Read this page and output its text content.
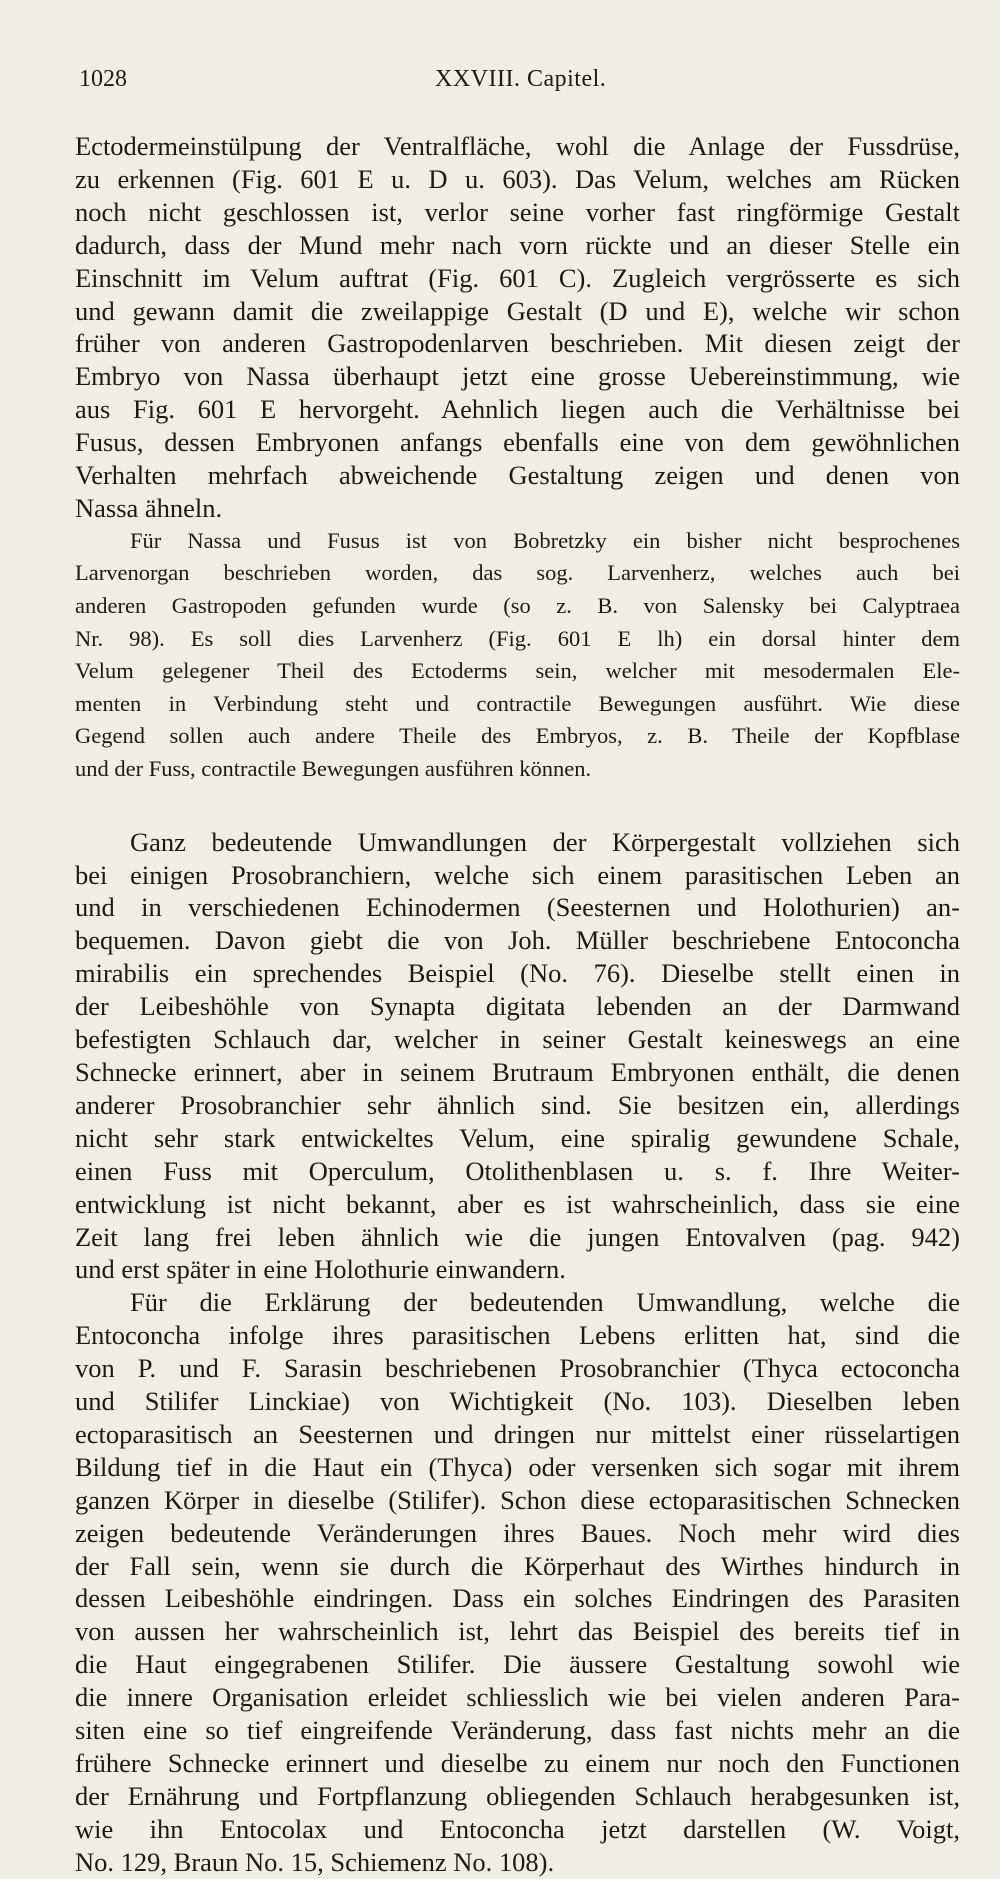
1028	XXVIII. Capitel.

Ectodermeinstülpung der Ventralfläche, wohl die Anlage der Fussdrüse,
zu erkennen (Fig. 601 E u. D u. 603). Das Velum, welches am Rücken
noch nicht geschlossen ist, verlor seine vorher fast ringförmige Gestalt
dadurch, dass der Mund mehr nach vorn rückte und an dieser Stelle ein
Einschnitt im Velum auftrat (Fig. 601 C). Zugleich vergrösserte es sich
und gewann damit die zweilappige Gestalt (D und E), welche wir schon
früher von anderen Gastropodenlarven beschrieben. Mit diesen zeigt der
Embryo von Nassa überhaupt jetzt eine grosse Uebereinstimmung, wie
aus Fig. 601 E hervorgeht. Aehnlich liegen auch die Verhältnisse bei
Fusus, dessen Embryonen anfangs ebenfalls eine von dem gewöhnlichen
Verhalten mehrfach abweichende Gestaltung zeigen und denen von
Nassa ähneln.

Für Nassa und Fusus ist von Bobretzky ein bisher nicht besprochenes
Larvenorgan beschrieben worden, das sog. Larvenherz, welches auch bei
anderen Gastropoden gefunden wurde (so z. B. von Salensky bei Calyptraea
Nr. 98). Es soll dies Larvenherz (Fig. 601 E lh) ein dorsal hinter dem
Velum gelegener Theil des Ectoderms sein, welcher mit mesodermalen Ele-
menten in Verbindung steht und contractile Bewegungen ausführt. Wie diese
Gegend sollen auch andere Theile des Embryos, z. B. Theile der Kopfblase
und der Fuss, contractile Bewegungen ausführen können.

Ganz bedeutende Umwandlungen der Körpergestalt vollziehen sich
bei einigen Prosobranchiern, welche sich einem parasitischen Leben an
und in verschiedenen Echinodermen (Seesternen und Holothurien) an-
bequemen. Davon giebt die von Joh. Müller beschriebene Entoconcha
mirabilis ein sprechendes Beispiel (No. 76). Dieselbe stellt einen in
der Leibeshöhle von Synapta digitata lebenden an der Darmwand
befestigten Schlauch dar, welcher in seiner Gestalt keineswegs an eine
Schnecke erinnert, aber in seinem Brutraum Embryonen enthält, die denen
anderer Prosobranchier sehr ähnlich sind. Sie besitzen ein, allerdings
nicht sehr stark entwickeltes Velum, eine spiralig gewundene Schale,
einen Fuss mit Operculum, Otolithenblasen u. s. f. Ihre Weiter-
entwicklung ist nicht bekannt, aber es ist wahrscheinlich, dass sie eine
Zeit lang frei leben ähnlich wie die jungen Entovalven (pag. 942)
und erst später in eine Holothurie einwandern.

Für die Erklärung der bedeutenden Umwandlung, welche die
Entoconcha infolge ihres parasitischen Lebens erlitten hat, sind die
von P. und F. Sarasin beschriebenen Prosobranchier (Thyca ectoconcha
und Stilifer Linckiae) von Wichtigkeit (No. 103). Dieselben leben
ectoparasitisch an Seesternen und dringen nur mittelst einer rüsselartigen
Bildung tief in die Haut ein (Thyca) oder versenken sich sogar mit ihrem
ganzen Körper in dieselbe (Stilifer). Schon diese ectoparasitischen Schnecken
zeigen bedeutende Veränderungen ihres Baues. Noch mehr wird dies
der Fall sein, wenn sie durch die Körperhaut des Wirthes hindurch in
dessen Leibeshöhle eindringen. Dass ein solches Eindringen des Parasiten
von aussen her wahrscheinlich ist, lehrt das Beispiel des bereits tief in
die Haut eingegrabenen Stilifer. Die äussere Gestaltung sowohl wie
die innere Organisation erleidet schliesslich wie bei vielen anderen Para-
siten eine so tief eingreifende Veränderung, dass fast nichts mehr an die
frühere Schnecke erinnert und dieselbe zu einem nur noch den Functionen
der Ernährung und Fortpflanzung obliegenden Schlauch herabgesunken ist,
wie ihn Entocolax und Entoconcha jetzt darstellen (W. Voigt,
No. 129, Braun No. 15, Schiemenz No. 108).
